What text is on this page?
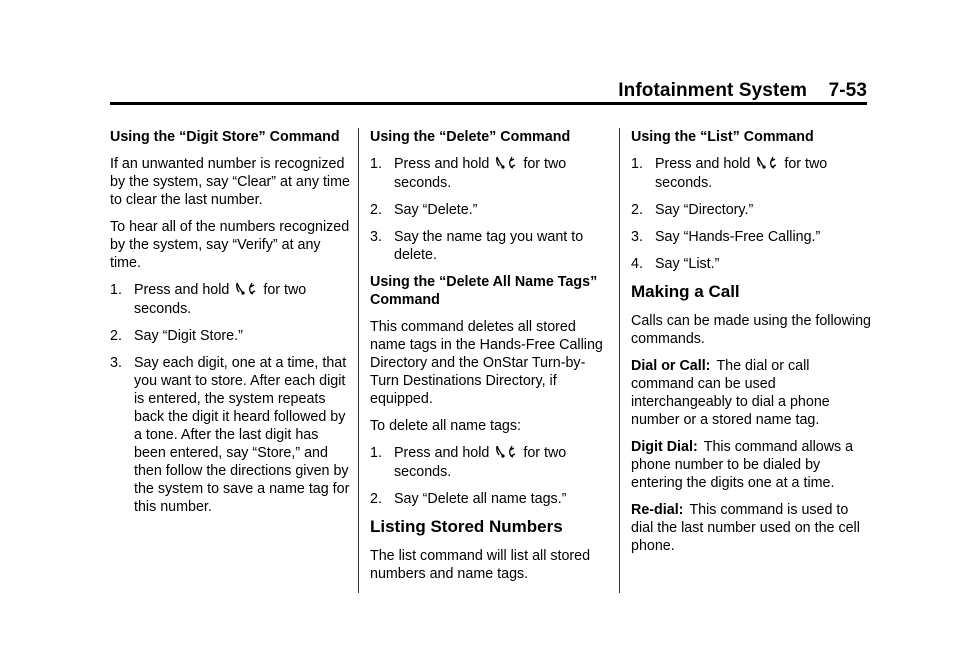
Infotainment System 7-53
Using the “Digit Store” Command
If an unwanted number is recognized by the system, say “Clear” at any time to clear the last number.
To hear all of the numbers recognized by the system, say “Verify” at any time.
1. Press and hold for two seconds.
2. Say “Digit Store.”
3. Say each digit, one at a time, that you want to store. After each digit is entered, the system repeats back the digit it heard followed by a tone. After the last digit has been entered, say “Store,” and then follow the directions given by the system to save a name tag for this number.
Using the “Delete” Command
1. Press and hold for two seconds.
2. Say “Delete.”
3. Say the name tag you want to delete.
Using the “Delete All Name Tags” Command
This command deletes all stored name tags in the Hands-Free Calling Directory and the OnStar Turn-by-Turn Destinations Directory, if equipped.
To delete all name tags:
1. Press and hold for two seconds.
2. Say “Delete all name tags.”
Listing Stored Numbers
The list command will list all stored numbers and name tags.
Using the “List” Command
1. Press and hold for two seconds.
2. Say “Directory.”
3. Say “Hands-Free Calling.”
4. Say “List.”
Making a Call
Calls can be made using the following commands.
Dial or Call: The dial or call command can be used interchangeably to dial a phone number or a stored name tag.
Digit Dial: This command allows a phone number to be dialed by entering the digits one at a time.
Re-dial: This command is used to dial the last number used on the cell phone.
